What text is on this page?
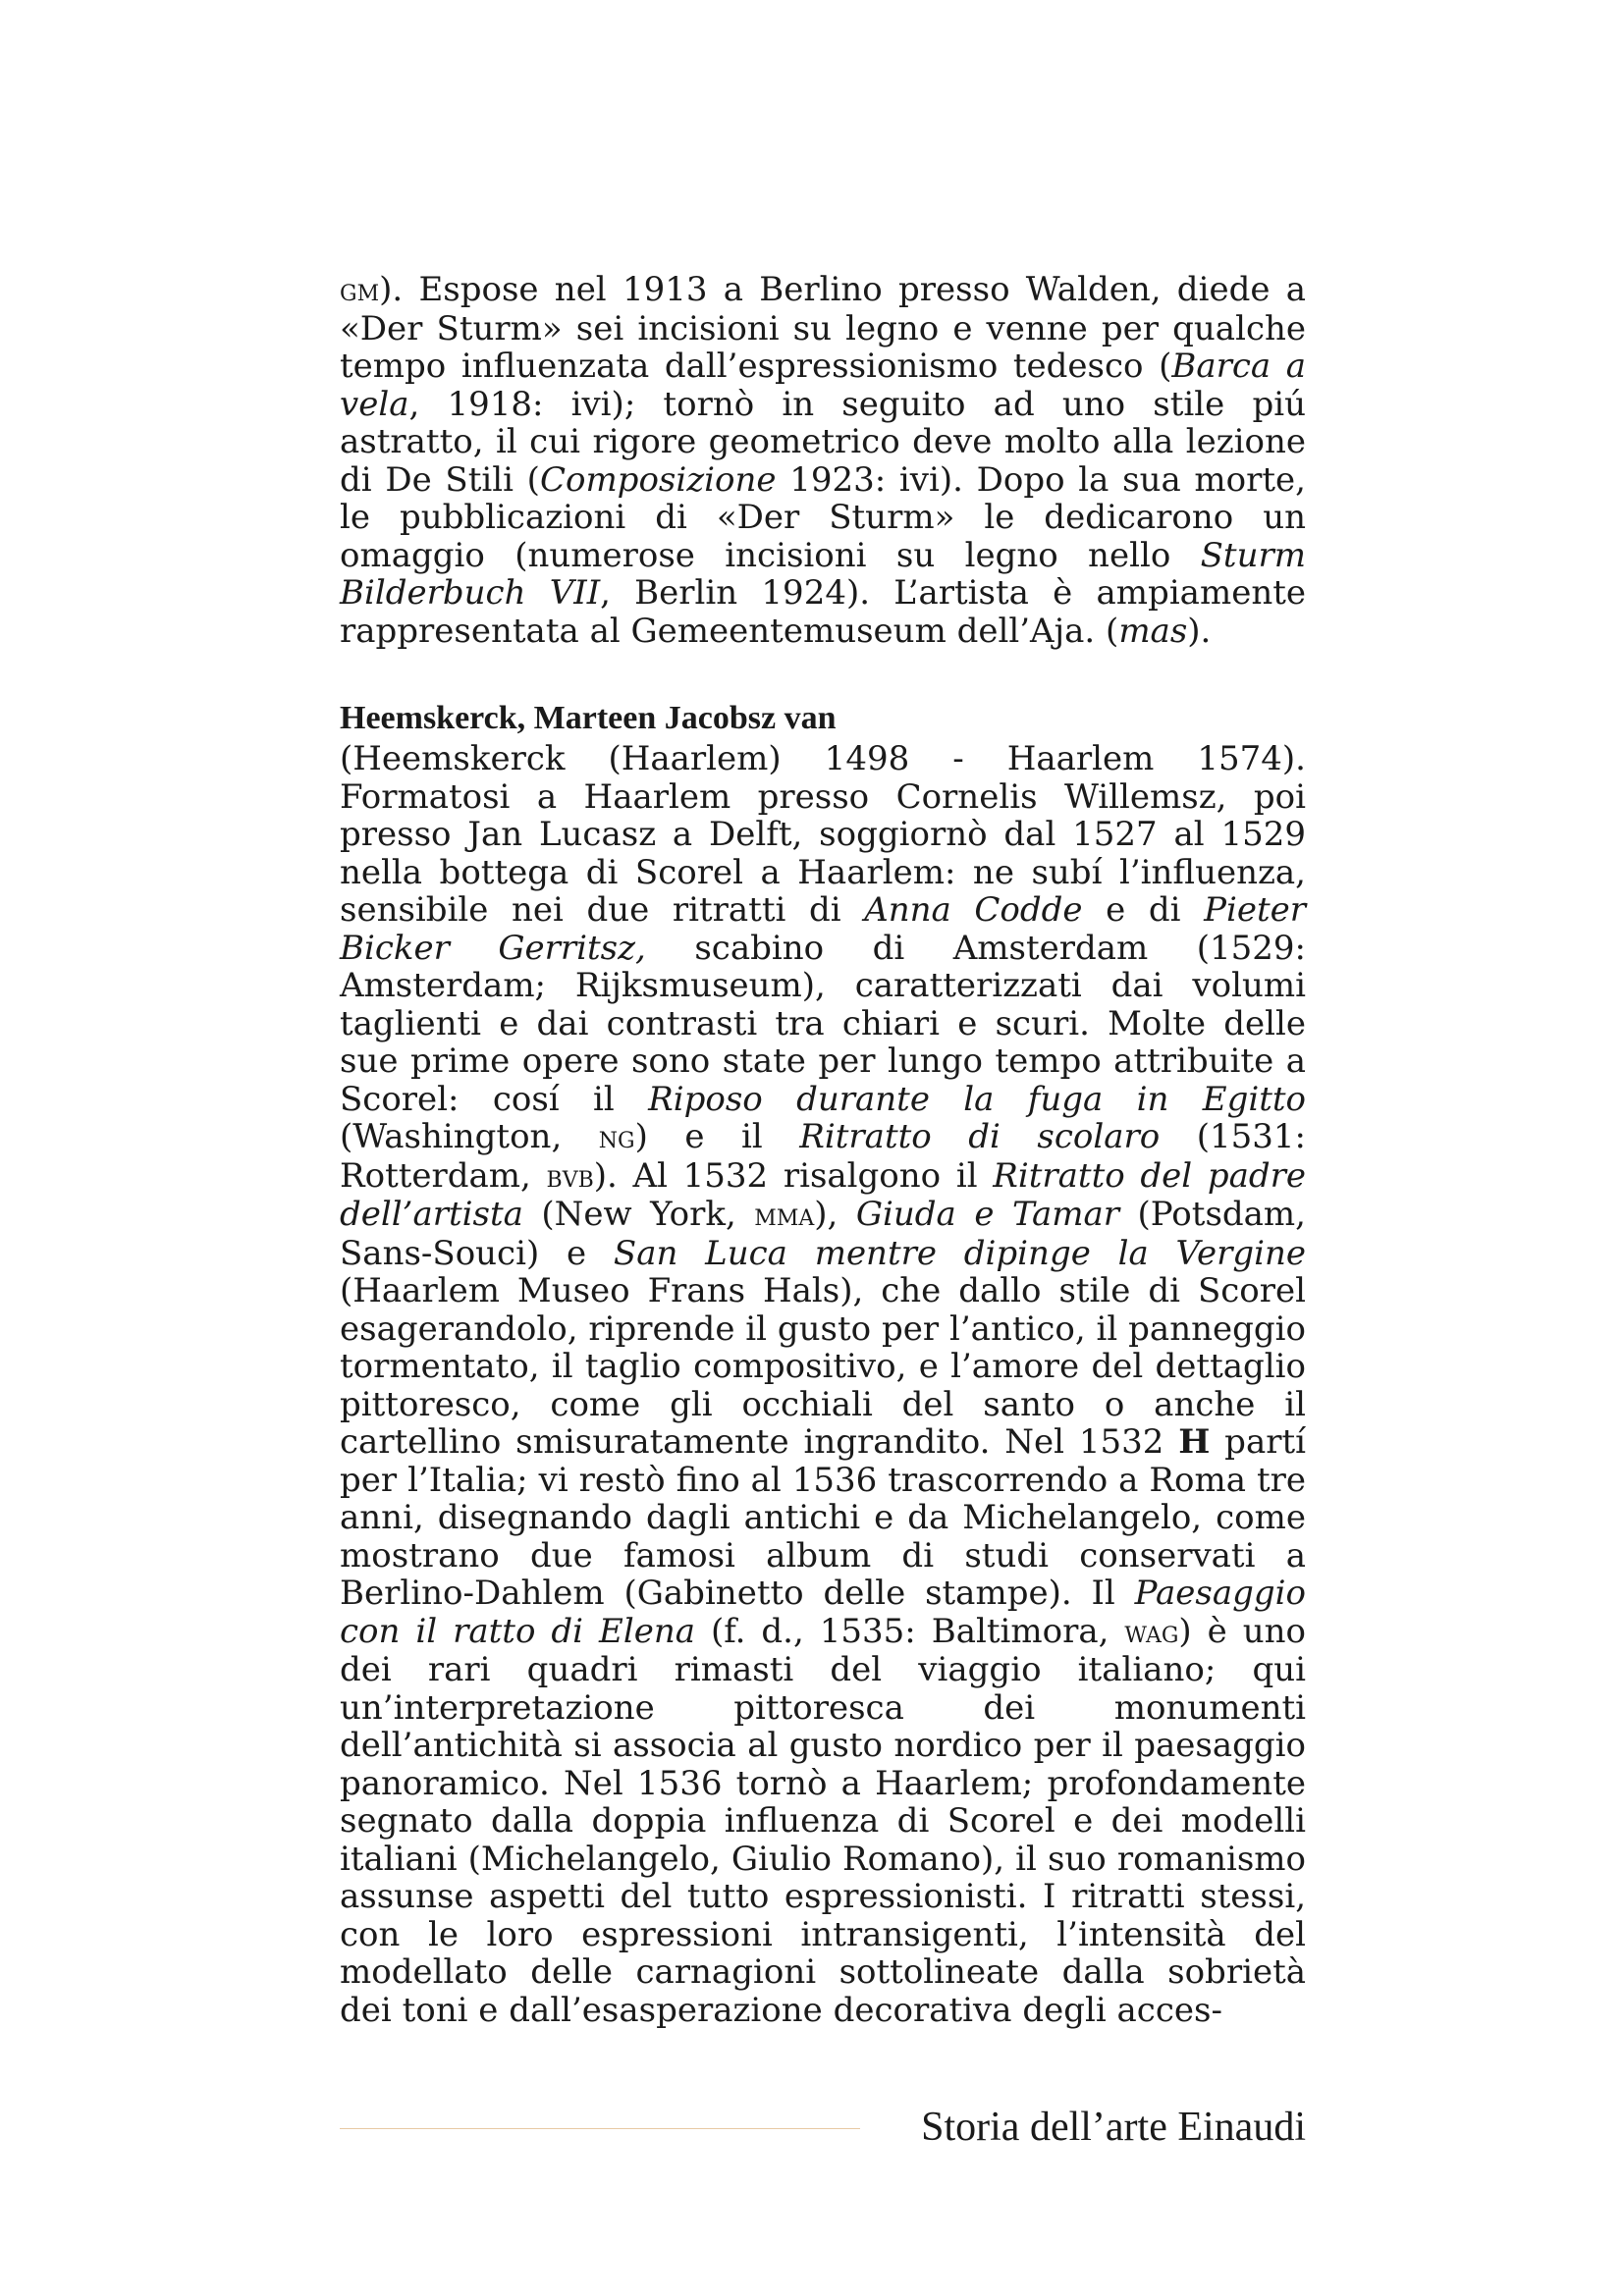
gm). Espose nel 1913 a Berlino presso Walden, diede a «Der Sturm» sei incisioni su legno e venne per qualche tempo influenzata dall’espressionismo tedesco (Barca a vela, 1918: ivi); tornò in seguito ad uno stile piú astratto, il cui rigore geometrico deve molto alla lezione di De Stili (Composizione 1923: ivi). Dopo la sua morte, le pubblicazioni di «Der Sturm» le dedicarono un omaggio (numerose incisioni su legno nello Sturm Bilderbuch VII, Berlin 1924). L’artista è ampiamente rappresentata al Gemeentemuseum dell’Aja. (mas).

Heemskerck, Marteen Jacobsz van

(Heemskerck (Haarlem) 1498 - Haarlem 1574). Formatosi a Haarlem presso Cornelis Willemsz, poi presso Jan Lucasz a Delft, soggiornò dal 1527 al 1529 nella bottega di Scorel a Haarlem: ne subí l’influenza, sensibile nei due ritratti di Anna Codde e di Pieter Bicker Gerritsz, scabino di Amsterdam (1529: Amsterdam; Rijksmuseum), caratterizzati dai volumi taglienti e dai contrasti tra chiari e scuri. Molte delle sue prime opere sono state per lungo tempo attribuite a Scorel: cosí il Riposo durante la fuga in Egitto (Washington, ng) e il Ritratto di scolaro (1531: Rotterdam, bvb). Al 1532 risalgono il Ritratto del padre dell’artista (New York, mma), Giuda e Tamar (Potsdam, Sans-Souci) e San Luca mentre dipinge la Vergine (Haarlem Museo Frans Hals), che dallo stile di Scorel esagerandolo, riprende il gusto per l’antico, il panneggio tormentato, il taglio compositivo, e l’amore del dettaglio pittoresco, come gli occhiali del santo o anche il cartellino smisuratamente ingrandito. Nel 1532 H partí per l’Italia; vi restò fino al 1536 trascorrendo a Roma tre anni, disegnando dagli antichi e da Michelangelo, come mostrano due famosi album di studi conservati a Berlino-Dahlem (Gabinetto delle stampe). Il Paesaggio con il ratto di Elena (f. d., 1535: Baltimora, wag) è uno dei rari quadri rimasti del viaggio italiano; qui un’interpretazione pittoresca dei monumenti dell’antichità si associa al gusto nordico per il paesaggio panoramico. Nel 1536 tornò a Haarlem; profondamente segnato dalla doppia influenza di Scorel e dei modelli italiani (Michelangelo, Giulio Romano), il suo romanismo assunse aspetti del tutto espressionisti. I ritratti stessi, con le loro espressioni intransigenti, l’intensità del modellato delle carnagioni sottolineate dalla sobrietà dei toni e dall’esasperazione decorativa degli acces-

Storia dell’arte Einaudi
